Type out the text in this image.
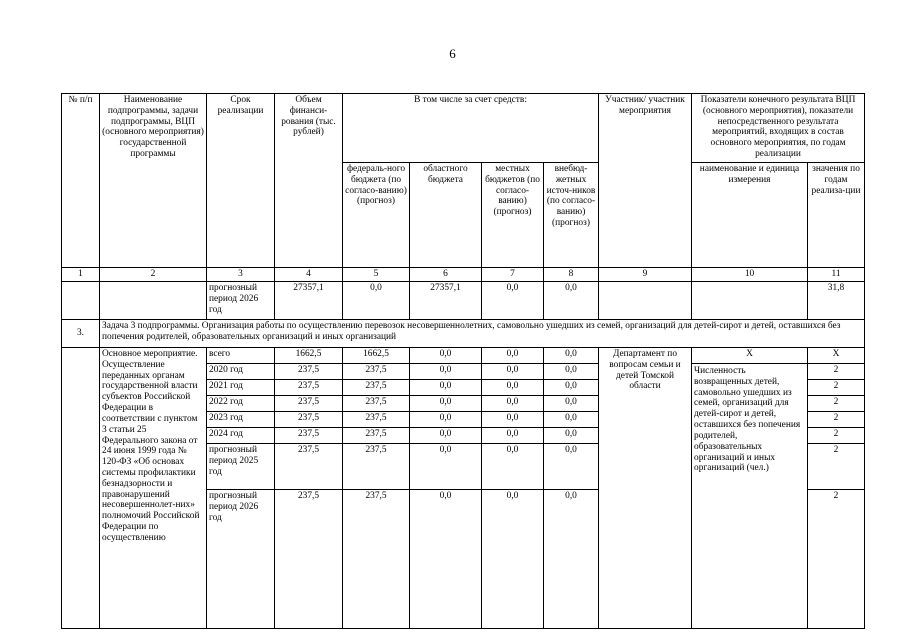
6
№ п/п	Наименование подпрограммы, задачи подпрограммы, ВЦП (основного мероприятия) государственной программы	Срок реализации	Объем финанси-рования (тыс. рублей)	В том числе за счет средств:				Участник/ участник мероприятия	Показатели конечного результата ВЦП (основного мероприятия), показатели непосредственного результата мероприятий, входящих в состав основного мероприятия, по годам реализации	
				федераль-ного бюджета (по согласо-ванию) (прогноз)	областного бюджета	местных бюджетов (по согласо-ванию) (прогноз)	внебюд-жетных источ-ников (по согласо-ванию) (прогноз)		наименование и единица измерения	значения по годам реализа-ции
1	2	3	4	5	6	7	8	9	10	11
		прогнозный период 2026 год	27357,1	0,0	27357,1	0,0	0,0			31,8
3.	Задача 3 подпрограммы. Организация работы по осуществлению перевозок несовершеннолетних, самовольно ушедших из семей, организаций для детей-сирот и детей, оставшихся без попечения родителей, образовательных организаций и иных организаций									
	Основное мероприятие. Осуществление переданных органам государственной власти субъектов Российской Федерации в соответствии с пунктом 3 статьи 25 Федерального закона от 24 июня 1999 года № 120-ФЗ «Об основах системы профилактики безнадзорности и правонарушений несовершеннолет-них» полномочий Российской Федерации по осуществлению	всего	1662,5	1662,5	0,0	0,0	0,0	Департамент по вопросам семьи и детей Томской области	Х	Х
		2020 год	237,5	237,5	0,0	0,0	0,0		Численность возвращенных детей, самовольно ушедших из семей, организаций для детей-сирот и детей, оставшихся без попечения родителей, образовательных организаций и иных организаций (чел.)	2
		2021 год	237,5	237,5	0,0	0,0	0,0			2
		2022 год	237,5	237,5	0,0	0,0	0,0			2
		2023 год	237,5	237,5	0,0	0,0	0,0			2
		2024 год	237,5	237,5	0,0	0,0	0,0			2
		прогнозный период 2025 год	237,5	237,5	0,0	0,0	0,0			2
		прогнозный период 2026 год	237,5	237,5	0,0	0,0	0,0			2
